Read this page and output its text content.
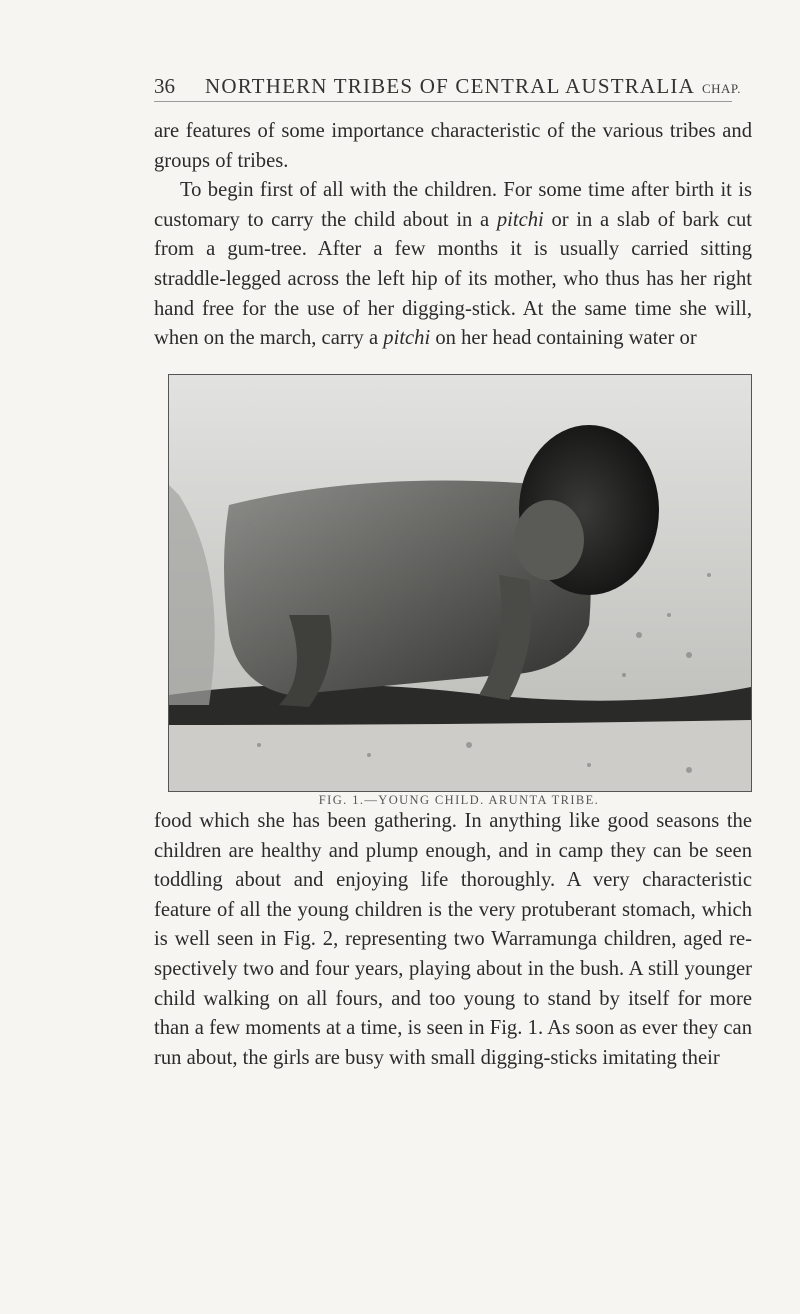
36 NORTHERN TRIBES OF CENTRAL AUSTRALIA CHAP.
are features of some importance characteristic of the various tribes and groups of tribes.
To begin first of all with the children. For some time after birth it is customary to carry the child about in a pitchi or in a slab of bark cut from a gum-tree. After a few months it is usually carried sitting straddle-legged across the left hip of its mother, who thus has her right hand free for the use of her digging-stick. At the same time she will, when on the march, carry a pitchi on her head containing water or
FIG. 1.—YOUNG CHILD. ARUNTA TRIBE.
food which she has been gathering. In anything like good seasons the children are healthy and plump enough, and in camp they can be seen toddling about and enjoying life thoroughly. A very characteristic feature of all the young children is the very protuberant stomach, which is well seen in Fig. 2, representing two Warramunga children, aged re-spectively two and four years, playing about in the bush. A still younger child walking on all fours, and too young to stand by itself for more than a few moments at a time, is seen in Fig. 1. As soon as ever they can run about, the girls are busy with small digging-sticks imitating their
